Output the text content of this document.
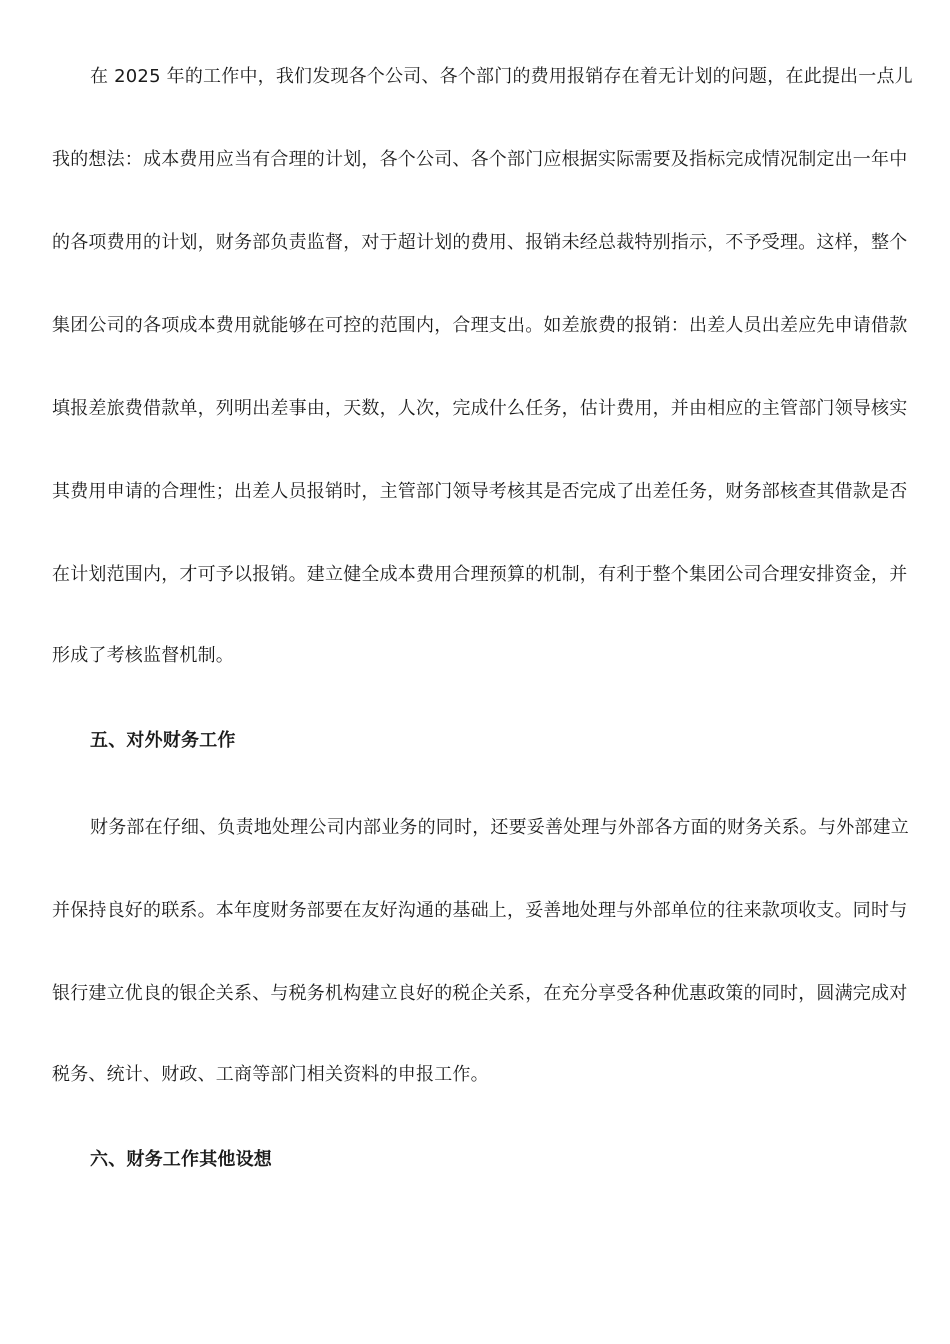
在 2025 年的工作中，我们发现各个公司、各个部门的费用报销存在着无计划的问题，在此提出一点儿
我的想法：成本费用应当有合理的计划，各个公司、各个部门应根据实际需要及指标完成情况制定出一年中
的各项费用的计划，财务部负责监督，对于超计划的费用、报销未经总裁特别指示，不予受理。这样，整个
集团公司的各项成本费用就能够在可控的范围内，合理支出。如差旅费的报销：出差人员出差应先申请借款
填报差旅费借款单，列明出差事由，天数，人次，完成什么任务，估计费用，并由相应的主管部门领导核实
其费用申请的合理性；出差人员报销时，主管部门领导考核其是否完成了出差任务，财务部核查其借款是否
在计划范围内，才可予以报销。建立健全成本费用合理预算的机制，有利于整个集团公司合理安排资金，并
形成了考核监督机制。
五、对外财务工作
财务部在仔细、负责地处理公司内部业务的同时，还要妥善处理与外部各方面的财务关系。与外部建立
并保持良好的联系。本年度财务部要在友好沟通的基础上，妥善地处理与外部单位的往来款项收支。同时与
银行建立优良的银企关系、与税务机构建立良好的税企关系，在充分享受各种优惠政策的同时，圆满完成对
税务、统计、财政、工商等部门相关资料的申报工作。
六、财务工作其他设想
